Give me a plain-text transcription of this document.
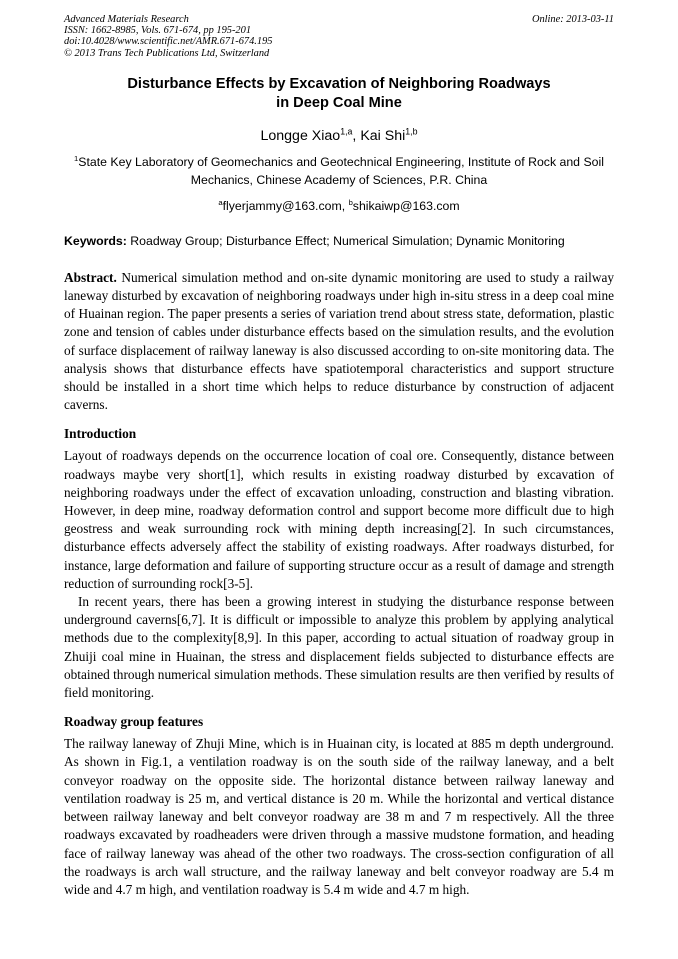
Advanced Materials Research
ISSN: 1662-8985, Vols. 671-674, pp 195-201
doi:10.4028/www.scientific.net/AMR.671-674.195
© 2013 Trans Tech Publications Ltd, Switzerland
Online: 2013-03-11
Disturbance Effects by Excavation of Neighboring Roadways
in Deep Coal Mine
Longge Xiao$^{1,a}$, Kai Shi$^{1,b}$
$^1$State Key Laboratory of Geomechanics and Geotechnical Engineering, Institute of Rock and Soil
Mechanics, Chinese Academy of Sciences, P.R. China
$^a$flyerjammy@163.com, $^b$shikaiwp@163.com
Keywords: Roadway Group; Disturbance Effect; Numerical Simulation; Dynamic Monitoring

Abstract. Numerical simulation method and on-site dynamic monitoring are used to study a railway laneway disturbed by excavation of neighboring roadways under high in-situ stress in a deep coal mine of Huainan region. The paper presents a series of variation trend about stress state, deformation, plastic zone and tension of cables under disturbance effects based on the simulation results, and the evolution of surface displacement of railway laneway is also discussed according to on-site monitoring data. The analysis shows that disturbance effects have spatiotemporal characteristics and support structure should be installed in a short time which helps to reduce disturbance by construction of adjacent caverns.

Introduction

Layout of roadways depends on the occurrence location of coal ore. Consequently, distance between roadways maybe very short[1], which results in existing roadway disturbed by excavation of neighboring roadways under the effect of excavation unloading, construction and blasting vibration. However, in deep mine, roadway deformation control and support become more difficult due to high geostress and weak surrounding rock with mining depth increasing[2]. In such circumstances, disturbance effects adversely affect the stability of existing roadways. After roadways disturbed, for instance, large deformation and failure of supporting structure occur as a result of damage and strength reduction of surrounding rock[3-5].

In recent years, there has been a growing interest in studying the disturbance response between underground caverns[6,7]. It is difficult or impossible to analyze this problem by applying analytical methods due to the complexity[8,9]. In this paper, according to actual situation of roadway group in Zhuiji coal mine in Huainan, the stress and displacement fields subjected to disturbance effects are obtained through numerical simulation methods. These simulation results are then verified by results of field monitoring.

Roadway group features

The railway laneway of Zhuji Mine, which is in Huainan city, is located at 885 m depth underground. As shown in Fig.1, a ventilation roadway is on the south side of the railway laneway, and a belt conveyor roadway on the opposite side. The horizontal distance between railway laneway and ventilation roadway is 25 m, and vertical distance is 20 m. While the horizontal and vertical distance between railway laneway and belt conveyor roadway are 38 m and 7 m respectively. All the three roadways excavated by roadheaders were driven through a massive mudstone formation, and heading face of railway laneway was ahead of the other two roadways. The cross-section configuration of all the roadways is arch wall structure, and the railway laneway and belt conveyor roadway are 5.4 m wide and 4.7 m high, and ventilation roadway is 5.4 m wide and 4.7 m high.
